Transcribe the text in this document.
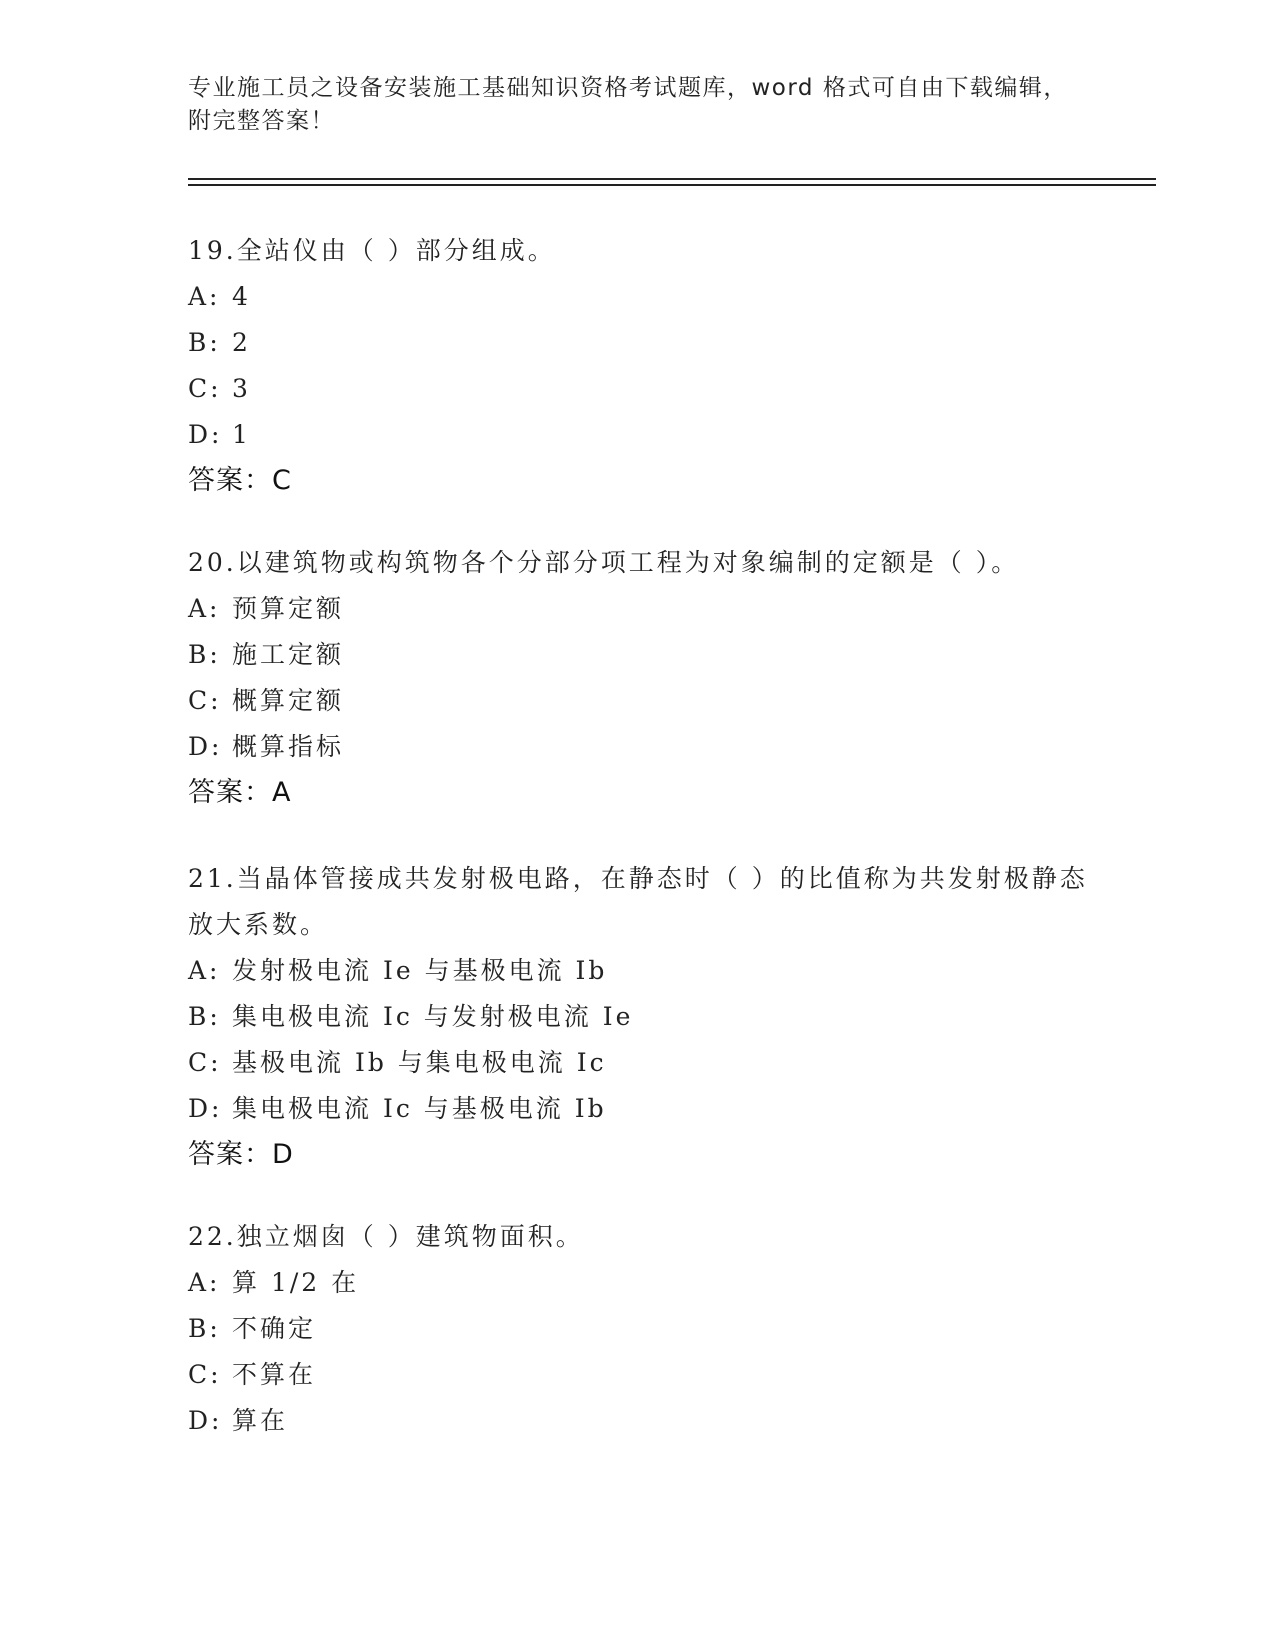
专业施工员之设备安装施工基础知识资格考试题库，word 格式可自由下载编辑，
附完整答案！
19.全站仪由（ ）部分组成。
A: 4
B: 2
C: 3
D: 1
答案：C
20.以建筑物或构筑物各个分部分项工程为对象编制的定额是（ ）。
A: 预算定额
B: 施工定额
C: 概算定额
D: 概算指标
答案：A
21.当晶体管接成共发射极电路，在静态时（ ）的比值称为共发射极静态放大系数。
A: 发射极电流 Ie 与基极电流 Ib
B: 集电极电流 Ic 与发射极电流 Ie
C: 基极电流 Ib 与集电极电流 Ic
D: 集电极电流 Ic 与基极电流 Ib
答案：D
22.独立烟囱（ ）建筑物面积。
A: 算 1/2 在
B: 不确定
C: 不算在
D: 算在
